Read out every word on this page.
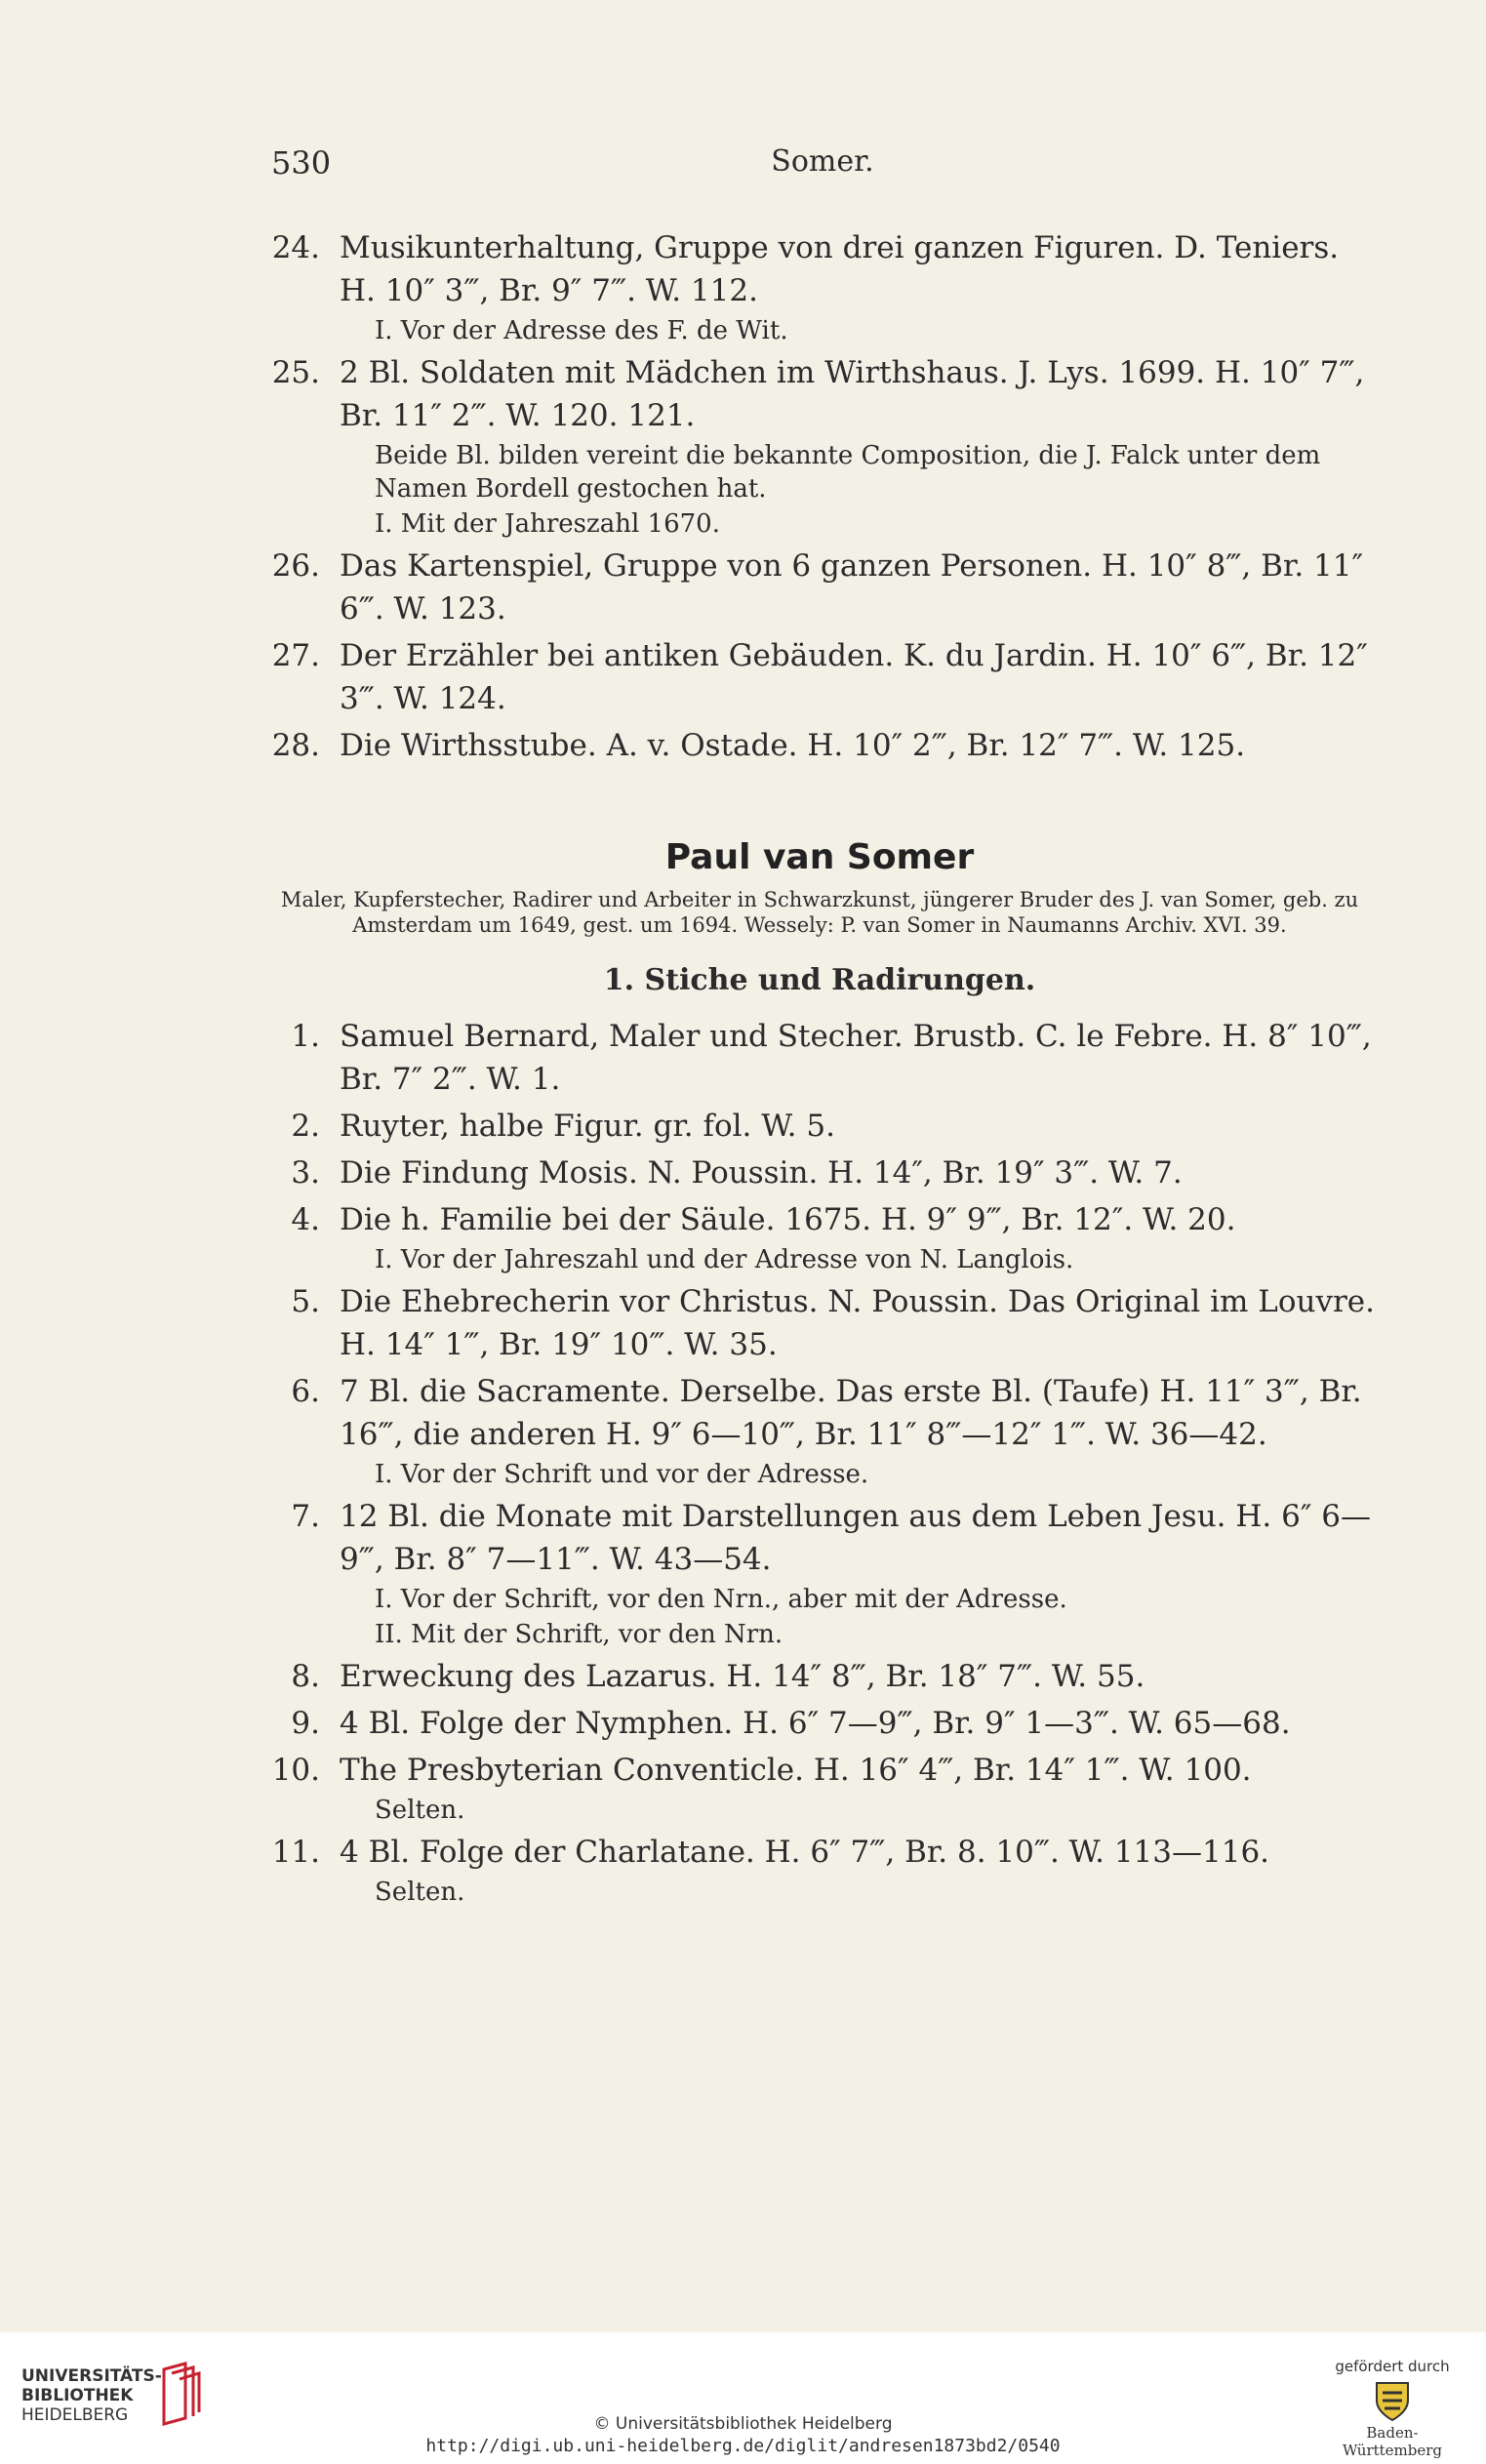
530	Somer.
24. Musikunterhaltung, Gruppe von drei ganzen Figuren. D. Teniers. H. 10″ 3‴, Br. 9″ 7‴. W. 112.
I. Vor der Adresse des F. de Wit.
25. 2 Bl. Soldaten mit Mädchen im Wirthshaus. J. Lys. 1699. H. 10″ 7‴, Br. 11″ 2‴. W. 120. 121.
Beide Bl. bilden vereint die bekannte Composition, die J. Falck unter dem Namen Bordell gestochen hat.
I. Mit der Jahreszahl 1670.
26. Das Kartenspiel, Gruppe von 6 ganzen Personen. H. 10″ 8‴, Br. 11″ 6‴. W. 123.
27. Der Erzähler bei antiken Gebäuden. K. du Jardin. H. 10″ 6‴, Br. 12″ 3‴. W. 124.
28. Die Wirthsstube. A. v. Ostade. H. 10″ 2‴, Br. 12″ 7‴. W. 125.
Paul van Somer
Maler, Kupferstecher, Radirer und Arbeiter in Schwarzkunst, jüngerer Bruder des J. van Somer, geb. zu Amsterdam um 1649, gest. um 1694. Wessely: P. van Somer in Naumanns Archiv. XVI. 39.
1. Stiche und Radirungen.
1. Samuel Bernard, Maler und Stecher. Brustb. C. le Febre. H. 8″ 10‴, Br. 7″ 2‴. W. 1.
2. Ruyter, halbe Figur. gr. fol. W. 5.
3. Die Findung Mosis. N. Poussin. H. 14″, Br. 19″ 3‴. W. 7.
4. Die h. Familie bei der Säule. 1675. H. 9″ 9‴, Br. 12″. W. 20.
I. Vor der Jahreszahl und der Adresse von N. Langlois.
5. Die Ehebrecherin vor Christus. N. Poussin. Das Original im Louvre. H. 14″ 1‴, Br. 19″ 10‴. W. 35.
6. 7 Bl. die Sacramente. Derselbe. Das erste Bl. (Taufe) H. 11″ 3‴, Br. 16‴, die anderen H. 9″ 6—10‴, Br. 11″ 8‴—12″ 1‴. W. 36—42.
I. Vor der Schrift und vor der Adresse.
7. 12 Bl. die Monate mit Darstellungen aus dem Leben Jesu. H. 6″ 6—9‴, Br. 8″ 7—11‴. W. 43—54.
I. Vor der Schrift, vor den Nrn., aber mit der Adresse.
II. Mit der Schrift, vor den Nrn.
8. Erweckung des Lazarus. H. 14″ 8‴, Br. 18″ 7‴. W. 55.
9. 4 Bl. Folge der Nymphen. H. 6″ 7—9‴, Br. 9″ 1—3‴. W. 65—68.
10. The Presbyterian Conventicle. H. 16″ 4‴, Br. 14″ 1‴. W. 100.
Selten.
11. 4 Bl. Folge der Charlatane. H. 6″ 7‴, Br. 8. 10‴. W. 113—116.
Selten.
UNIVERSITÄTS-
BIBLIOTHEK
HEIDELBERG	© Universitätsbibliothek Heidelberg
http://digi.ub.uni-heidelberg.de/diglit/andresen1873bd2/0540
gefördert durch
Baden-Württemberg
